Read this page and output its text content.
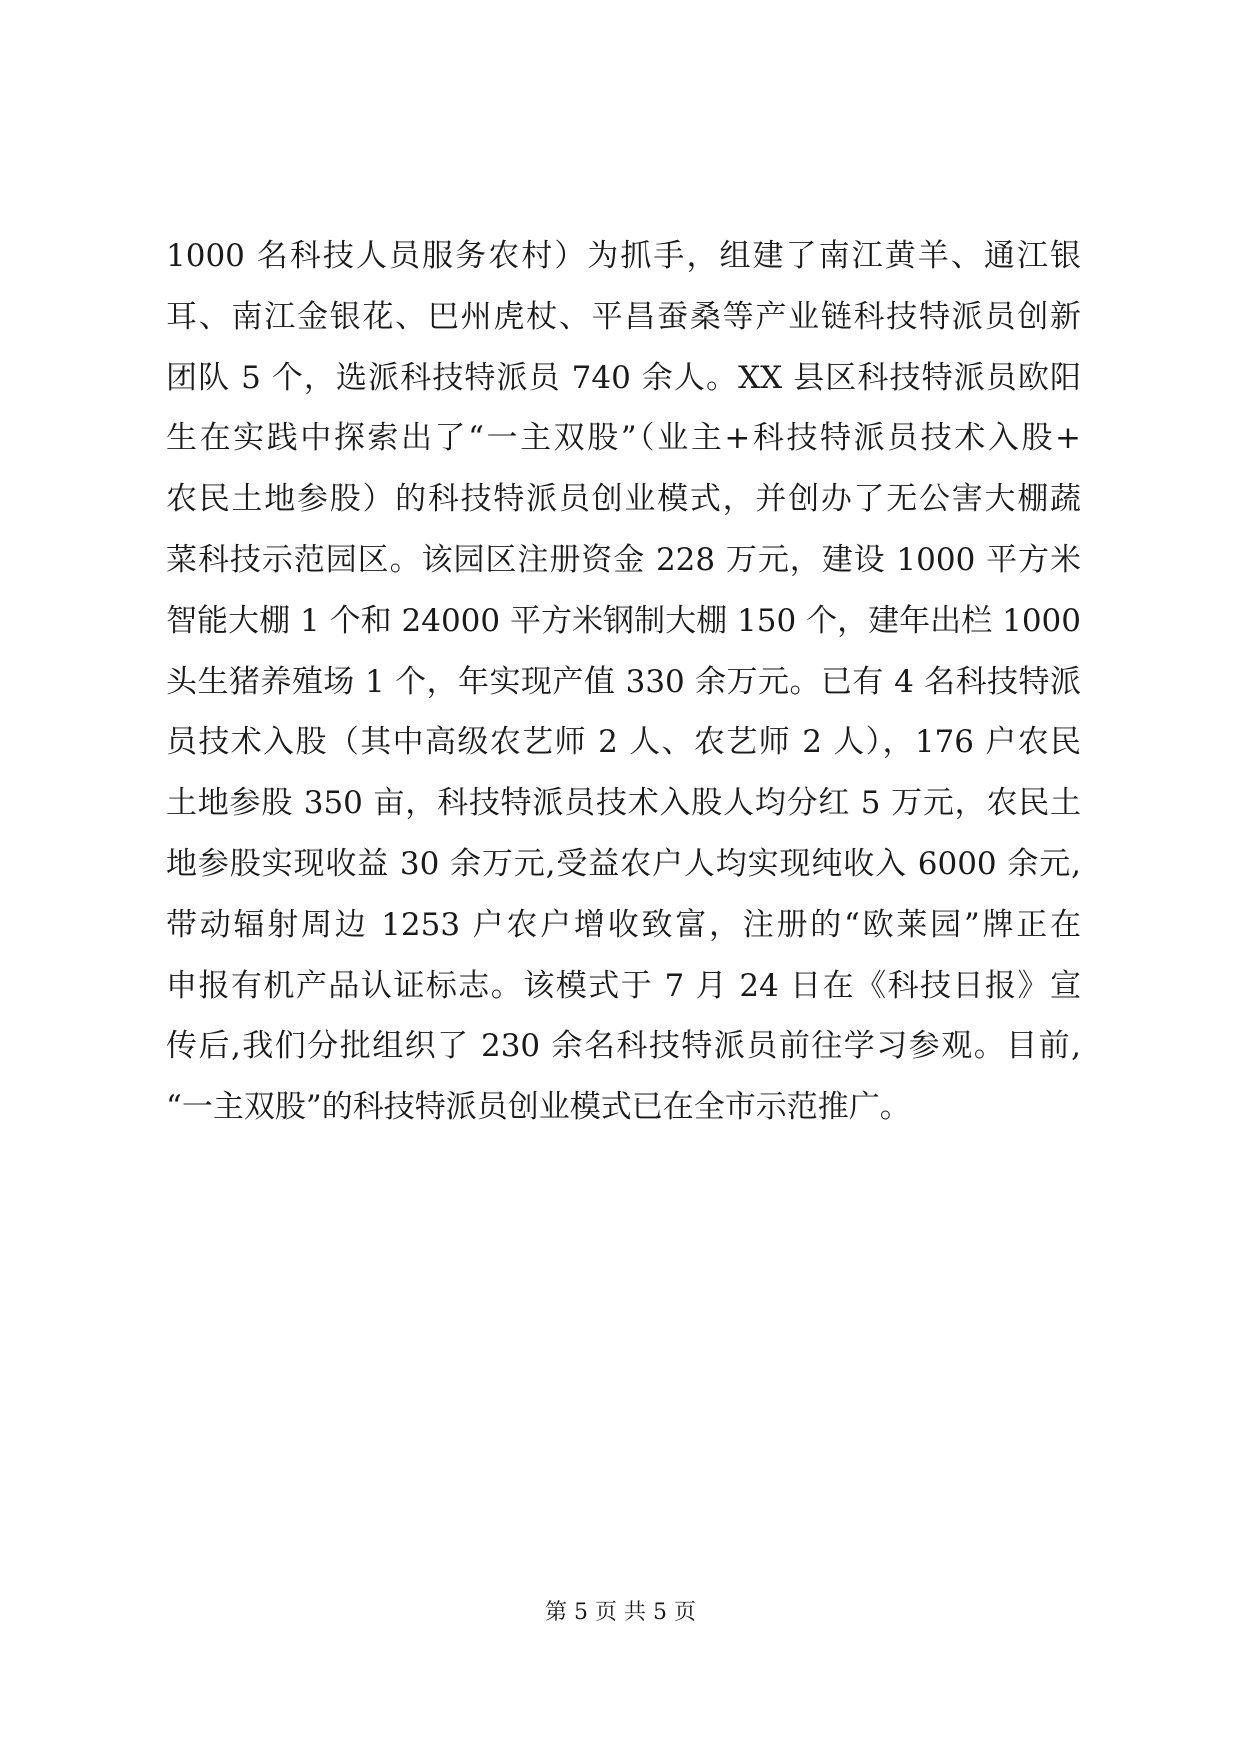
1000 名科技人员服务农村）为抓手，组建了南江黄羊、通江银
耳、南江金银花、巴州虎杖、平昌蚕桑等产业链科技特派员创新
团队 5 个，选派科技特派员 740 余人。XX 县区科技特派员欧阳
生在实践中探索出了“一主双股”（业主+科技特派员技术入股+
农民土地参股）的科技特派员创业模式，并创办了无公害大棚蔬
菜科技示范园区。该园区注册资金 228 万元，建设 1000 平方米
智能大棚 1 个和 24000 平方米钢制大棚 150 个，建年出栏 1000
头生猪养殖场 1 个，年实现产值 330 余万元。已有 4 名科技特派
员技术入股（其中高级农艺师 2 人、农艺师 2 人），176 户农民
土地参股 350 亩，科技特派员技术入股人均分红 5 万元，农民土
地参股实现收益 30 余万元,受益农户人均实现纯收入 6000 余元,
带动辐射周边 1253 户农户增收致富，注册的“欧莱园”牌正在
申报有机产品认证标志。该模式于 7 月 24 日在《科技日报》宣
传后,我们分批组织了 230 余名科技特派员前往学习参观。目前,
“一主双股”的科技特派员创业模式已在全市示范推广。
第 5 页 共 5 页
